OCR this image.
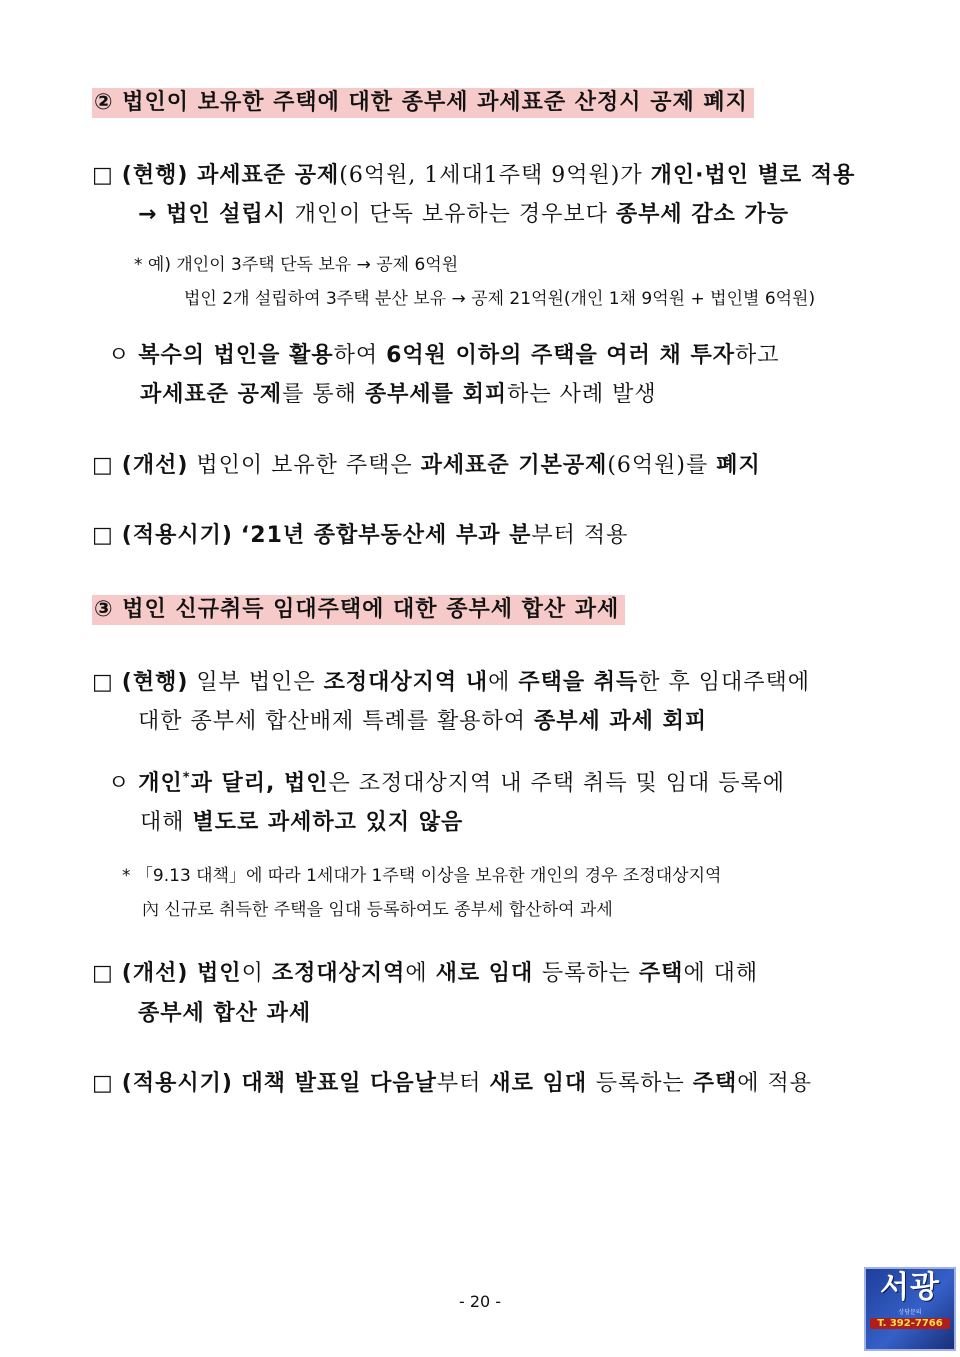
② 법인이 보유한 주택에 대한 종부세 과세표준 산정시 공제 폐지
□ (현행) 과세표준 공제(6억원, 1세대1주택 9억원)가 개인·법인 별로 적용
→ 법인 설립시 개인이 단독 보유하는 경우보다 종부세 감소 가능
* 예) 개인이 3주택 단독 보유 → 공제 6억원
법인 2개 설립하여 3주택 분산 보유 → 공제 21억원(개인 1채 9억원 + 법인별 6억원)
ㅇ 복수의 법인을 활용하여 6억원 이하의 주택을 여러 채 투자하고
과세표준 공제를 통해 종부세를 회피하는 사례 발생
□ (개선) 법인이 보유한 주택은 과세표준 기본공제(6억원)를 폐지
□ (적용시기) ‘21년 종합부동산세 부과 분부터 적용
③ 법인 신규취득 임대주택에 대한 종부세 합산 과세
□ (현행) 일부 법인은 조정대상지역 내에 주택을 취득한 후 임대주택에
대한 종부세 합산배제 특례를 활용하여 종부세 과세 회피
ㅇ 개인*과 달리, 법인은 조정대상지역 내 주택 취득 및 임대 등록에
대해 별도로 과세하고 있지 않음
* 「9.13 대책」에 따라 1세대가 1주택 이상을 보유한 개인의 경우 조정대상지역
內 신규로 취득한 주택을 임대 등록하여도 종부세 합산하여 과세
□ (개선) 법인이 조정대상지역에 새로 임대 등록하는 주택에 대해
종부세 합산 과세
□ (적용시기) 대책 발표일 다음날부터 새로 임대 등록하는 주택에 적용
- 20 -	서광
상담문의
T. 392-7766
